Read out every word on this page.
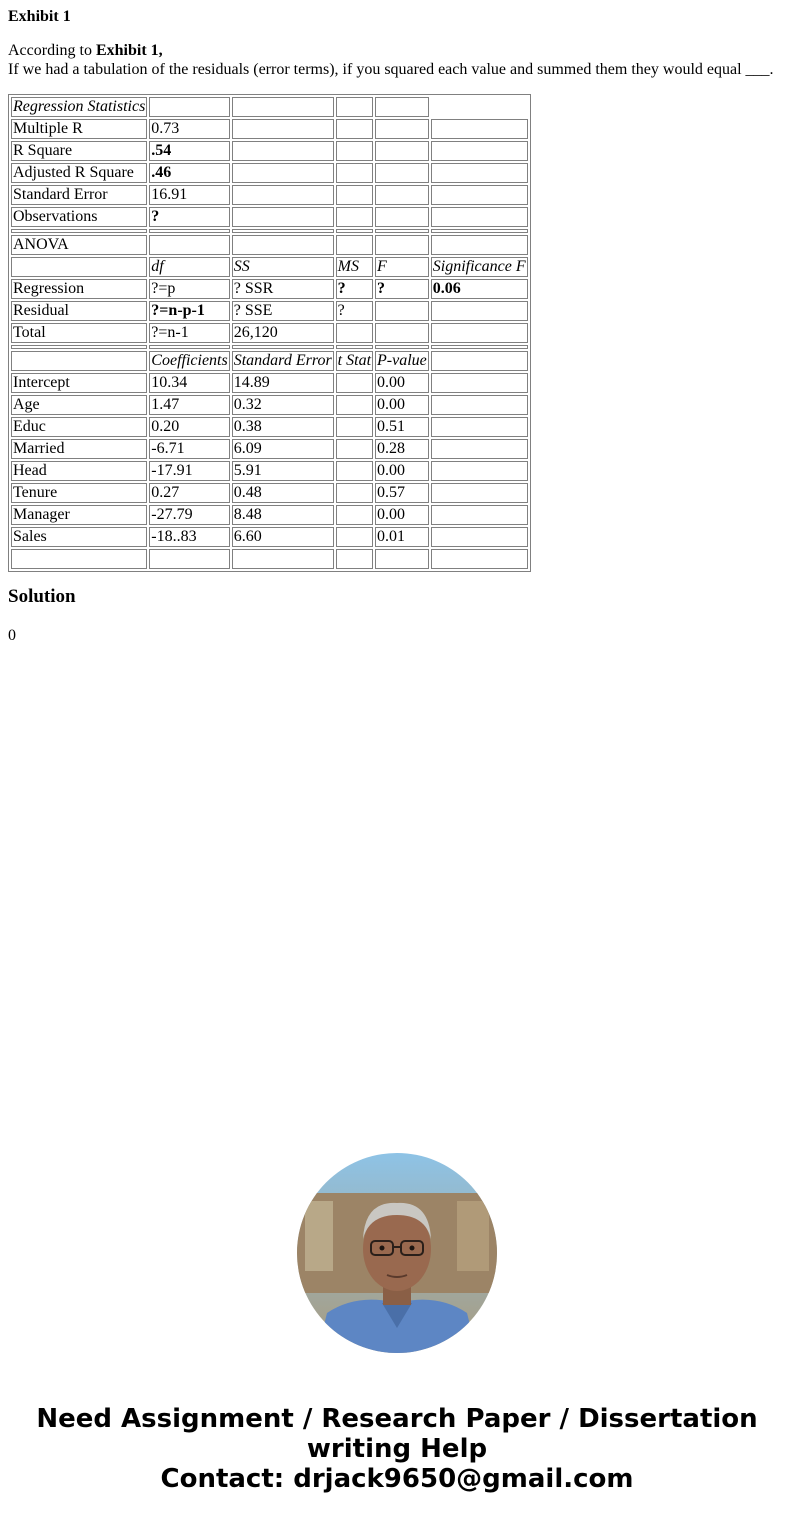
Exhibit 1
According to Exhibit 1,
If we had a tabulation of the residuals (error terms), if you squared each value and summed them they would equal ___.
Regression Statistics					
Multiple R	0.73				
R Square	.54				
Adjusted R Square	.46				
Standard Error	16.91				
Observations	?				

ANOVA					
	df	SS	MS	F	Significance F
Regression	?=p	? SSR	?	?	0.06
Residual	?=n-p-1	? SSE	?		
Total	?=n-1	26,120			

	Coefficients	Standard Error	t Stat	P-value	
Intercept	10.34	14.89		0.00	
Age	1.47	0.32		0.00	
Educ	0.20	0.38		0.51	
Married	-6.71	6.09		0.28	
Head	-17.91	5.91		0.00	
Tenure	0.27	0.48		0.57	
Manager	-27.79	8.48		0.00	
Sales	-18..83	6.60		0.01	

Solution
0
Need Assignment / Research Paper / Dissertation
writing Help
Contact: drjack9650@gmail.com
